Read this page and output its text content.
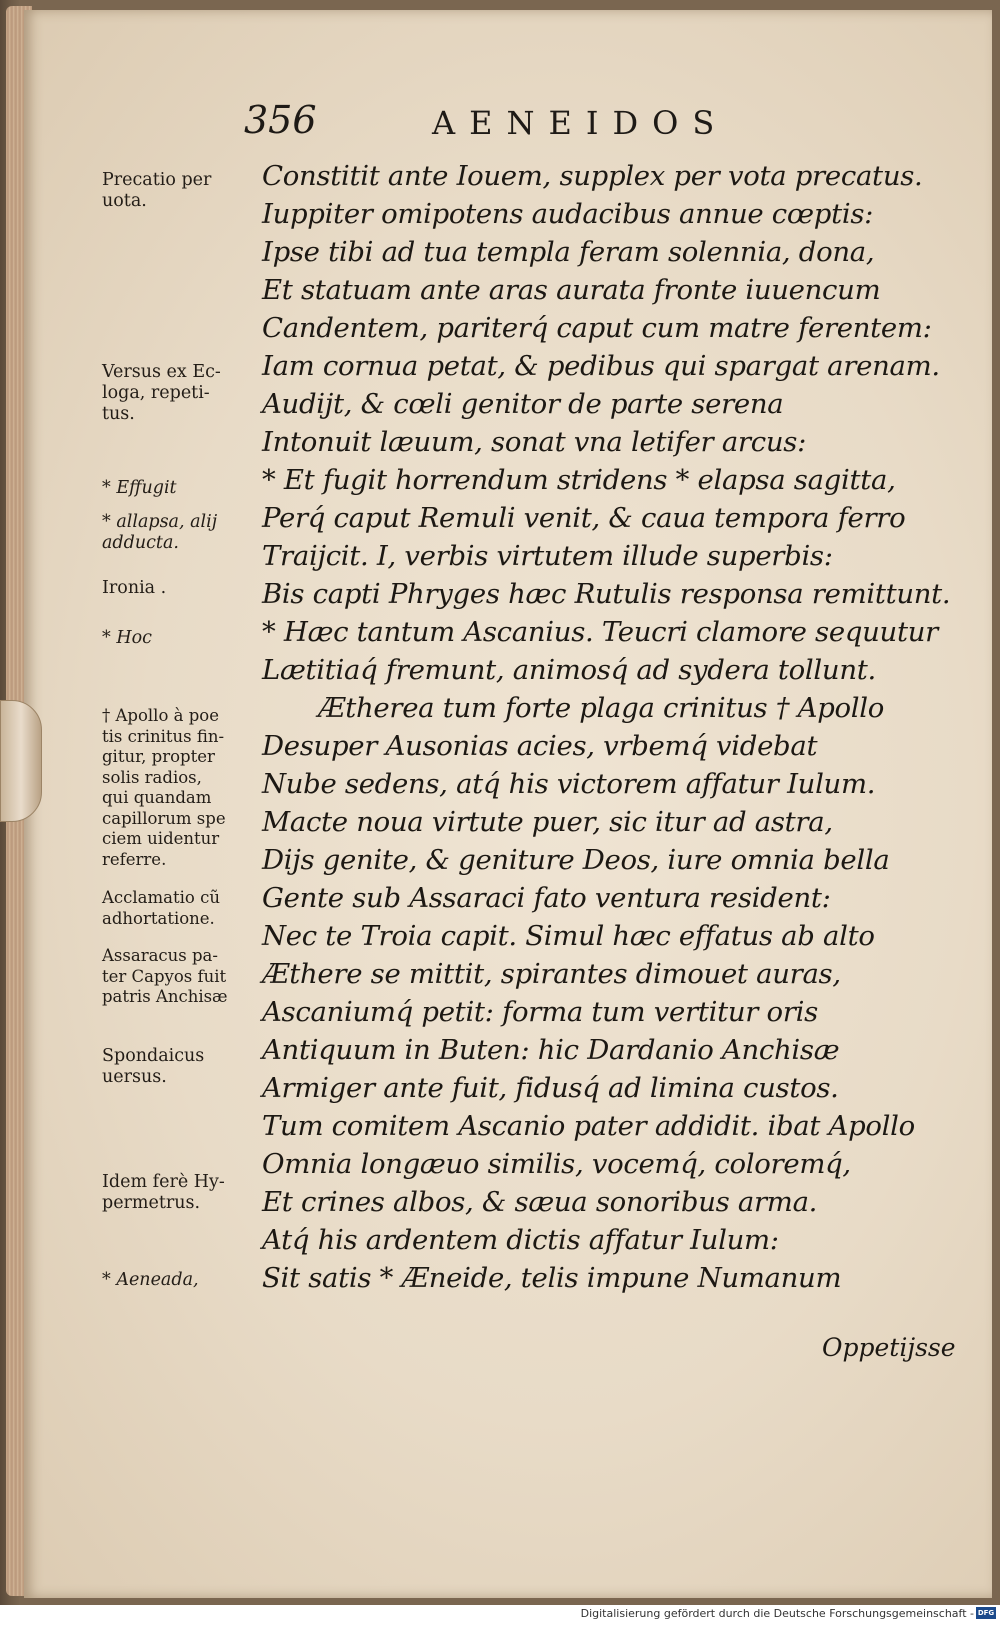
356	AENEIDOS
Constitit ante Iouem, supplex per vota precatus.
Iuppiter omipotens audacibus annue cœptis:
Ipse tibi ad tua templa feram solennia, dona,
Et statuam ante aras aurata fronte iuuencum
Candentem, pariterq́ caput cum matre ferentem:
Iam cornua petat, & pedibus qui spargat arenam.
Audijt, & cœli genitor de parte serena
Intonuit læuum, sonat vna letifer arcus:
* Et fugit horrendum stridens * elapsa sagitta,
Perq́ caput Remuli venit, & caua tempora ferro
Traijcit. I, verbis virtutem illude superbis:
Bis capti Phryges hæc Rutulis responsa remittunt.
* Hæc tantum Ascanius. Teucri clamore sequutur
Lætitiaq́ fremunt, animosq́ ad sydera tollunt.
Æthereа tum forte plaga crinitus † Apollo
Desuper Ausonias acies, vrbemq́ videbat
Nube sedens, atq́ his victorem affatur Iulum.
Macte noua virtute puer, sic itur ad astra,
Dijs genite, & geniture Deos, iure omnia bella
Gente sub Assaraci fato ventura resident:
Nec te Troia capit. Simul hæc effatus ab alto
Æthere se mittit, spirantes dimouet auras,
Ascaniumq́ petit: forma tum vertitur oris
Antiquum in Buten: hic Dardanio Anchisæ
Armiger ante fuit, fidusq́ ad limina custos.
Tum comitem Ascanio pater addidit. ibat Apollo
Omnia longæuo similis, vocemq́, coloremq́,
Et crines albos, & sæua sonoribus arma.
Atq́ his ardentem dictis affatur Iulum:
Sit satis * Æneide, telis impune Numanum
Oppetijsse
Precatio per
uota.
Versus ex Ec-
loga, repeti-
tus.
* Effugit
* allapsa, alij
adducta.
Ironia .
* Hoc
† Apollo à poe
tis crinitus fin-
gitur, propter
solis radios,
qui quandam
capillorum spe
ciem uidentur
referre.
Acclamatio cũ
adhortatione.
Assaracus pa-
ter Capyos fuit
patris Anchisæ
Spondaicus
uersus.
Idem ferè Hy-
permetrus.
* Aeneada,
Digitalisierung gefördert durch die Deutsche Forschungsgemeinschaft - DFG
